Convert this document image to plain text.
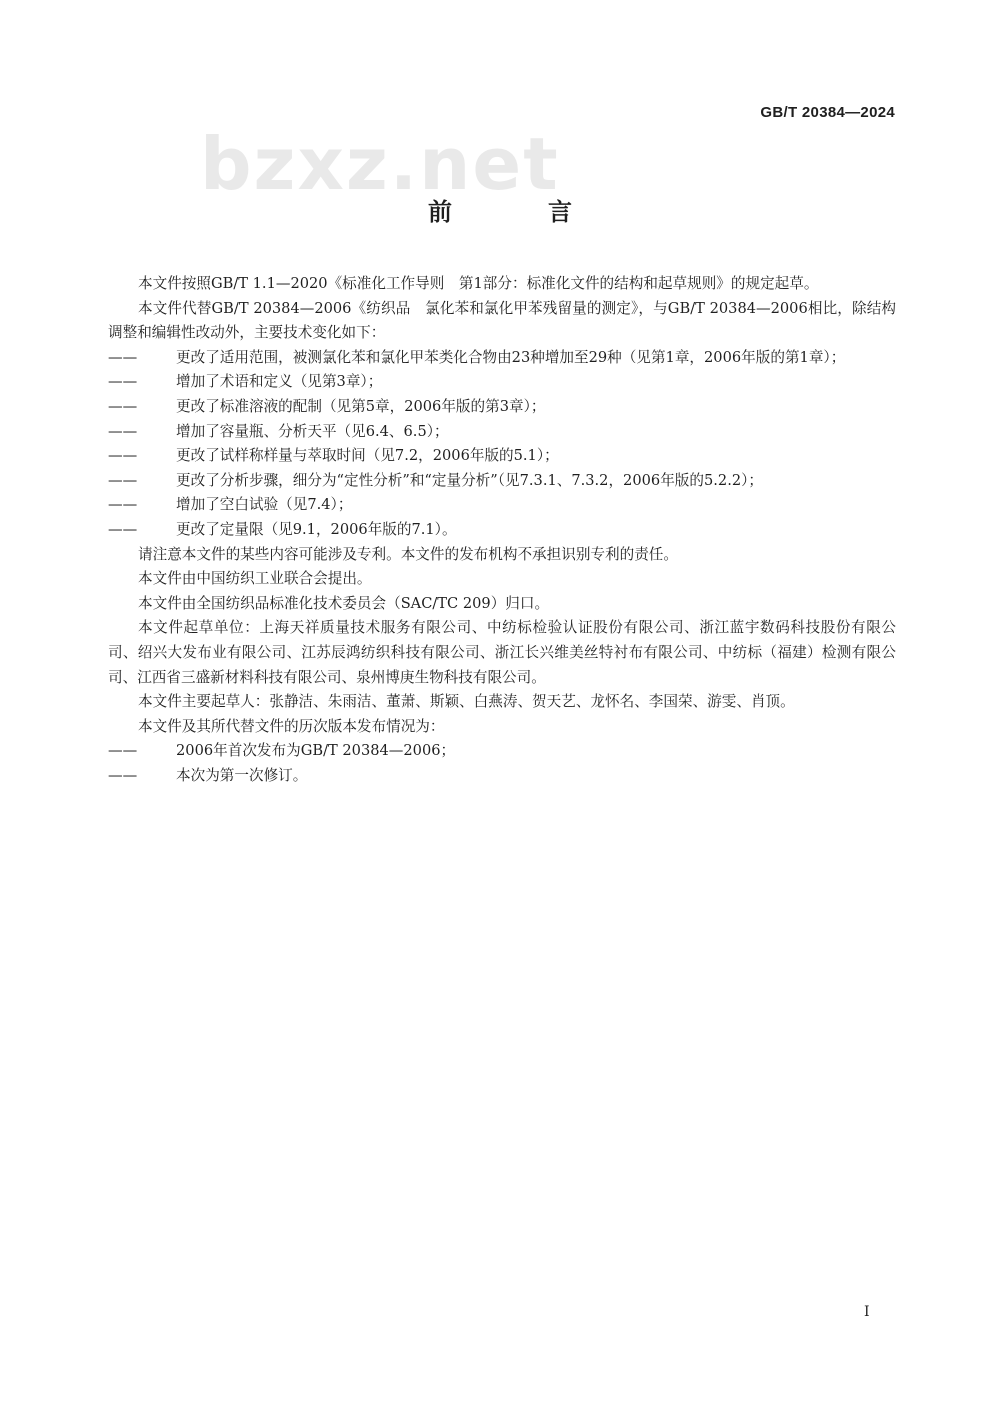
GB/T 20384—2024
bzxz.net
前　言

本文件按照GB/T 1.1—2020《标准化工作导则　第1部分：标准化文件的结构和起草规则》的规定起草。

本文件代替GB/T 20384—2006《纺织品　氯化苯和氯化甲苯残留量的测定》，与GB/T 20384—2006相比，除结构调整和编辑性改动外，主要技术变化如下：

——	更改了适用范围，被测氯化苯和氯化甲苯类化合物由23种增加至29种（见第1章，2006年版的第1章）；

——	增加了术语和定义（见第3章）；

——	更改了标准溶液的配制（见第5章，2006年版的第3章）；

——	增加了容量瓶、分析天平（见6.4、6.5）；

——	更改了试样称样量与萃取时间（见7.2，2006年版的5.1）；

——	更改了分析步骤，细分为“定性分析”和“定量分析”（见7.3.1、7.3.2，2006年版的5.2.2）；

——	增加了空白试验（见7.4）；

——	更改了定量限（见9.1，2006年版的7.1）。

请注意本文件的某些内容可能涉及专利。本文件的发布机构不承担识别专利的责任。

本文件由中国纺织工业联合会提出。

本文件由全国纺织品标准化技术委员会（SAC/TC 209）归口。

本文件起草单位：上海天祥质量技术服务有限公司、中纺标检验认证股份有限公司、浙江蓝宇数码科技股份有限公司、绍兴大发布业有限公司、江苏辰鸿纺织科技有限公司、浙江长兴维美丝特衬布有限公司、中纺标（福建）检测有限公司、江西省三盛新材料科技有限公司、泉州博庚生物科技有限公司。

本文件主要起草人：张静洁、朱雨洁、董萧、斯颖、白燕涛、贺天艺、龙怀名、李国荣、游雯、肖顶。

本文件及其所代替文件的历次版本发布情况为：

——	2006年首次发布为GB/T 20384—2006；

——	本次为第一次修订。

I
